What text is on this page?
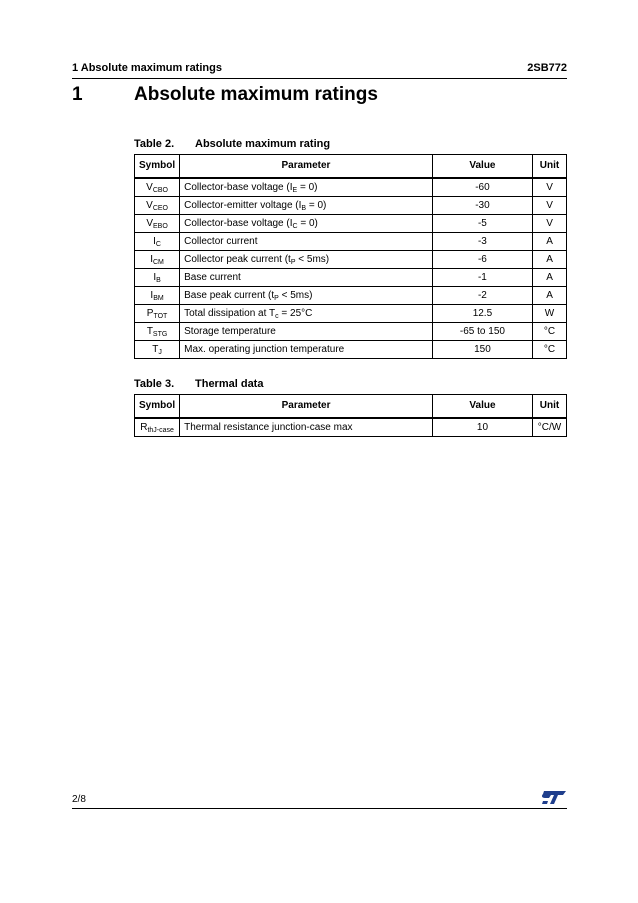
1 Absolute maximum ratings	2SB772
1	Absolute maximum ratings
Table 2. Absolute maximum rating
Symbol	Parameter	Value	Unit
$V_{CBO}$	Collector-base voltage $(I_E = 0)$	-60	V
$V_{CEO}$	Collector-emitter voltage $(I_B = 0)$	-30	V
$V_{EBO}$	Collector-base voltage $(I_C = 0)$	-5	V
$I_C$	Collector current	-3	A
$I_{CM}$	Collector peak current $(t_P < 5ms)$	-6	A
$I_B$	Base current	-1	A
$I_{BM}$	Base peak current $(t_P < 5ms)$	-2	A
$P_{TOT}$	Total dissipation at $T_c = 25^\circ C$	12.5	W
$T_{STG}$	Storage temperature	-65 to 150	°C
$T_J$	Max. operating junction temperature	150	°C
Table 3. Thermal data
Symbol	Parameter	Value	Unit
$R_{thJ-case}$	Thermal resistance junction-case max	10	°C/W
2/8
